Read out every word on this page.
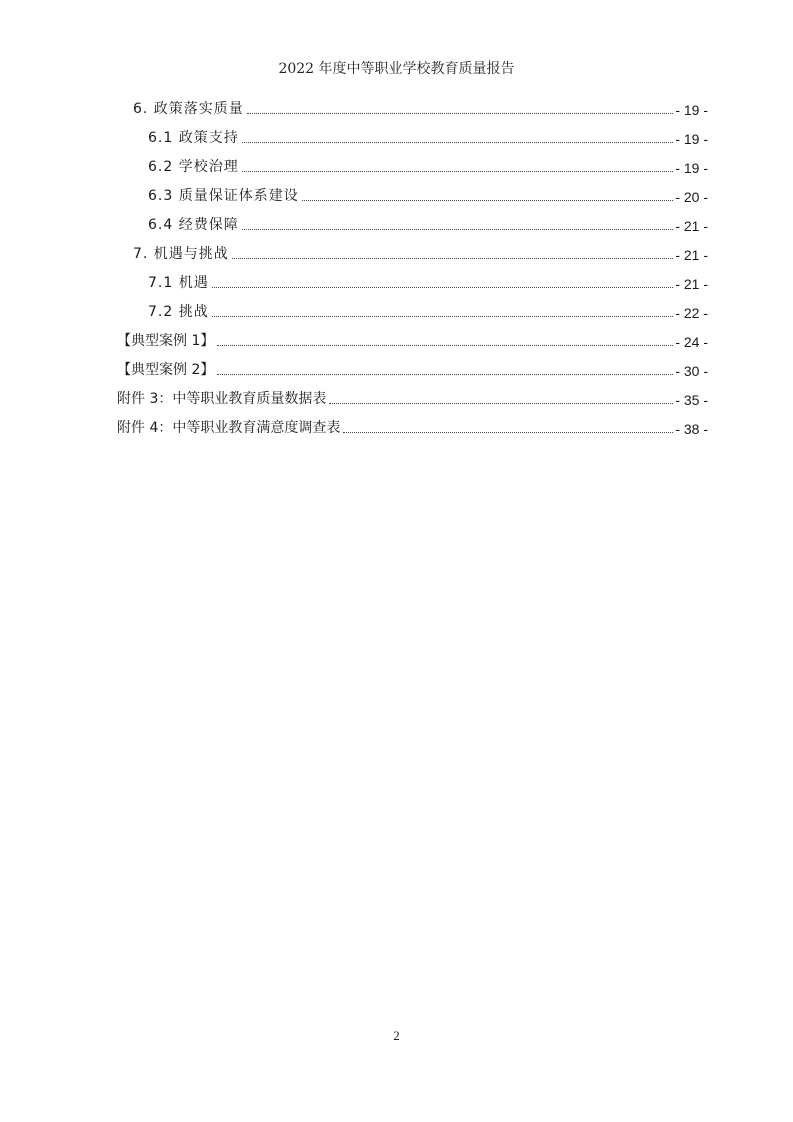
2022 年度中等职业学校教育质量报告
6. 政策落实质量	- 19 -
6.1 政策支持	- 19 -
6.2 学校治理	- 19 -
6.3 质量保证体系建设	- 20 -
6.4 经费保障	- 21 -
7. 机遇与挑战	- 21 -
7.1 机遇	- 21 -
7.2 挑战	- 22 -
【典型案例 1】	- 24 -
【典型案例 2】	- 30 -
附件 3：中等职业教育质量数据表	- 35 -
附件 4：中等职业教育满意度调查表	- 38 -
2
